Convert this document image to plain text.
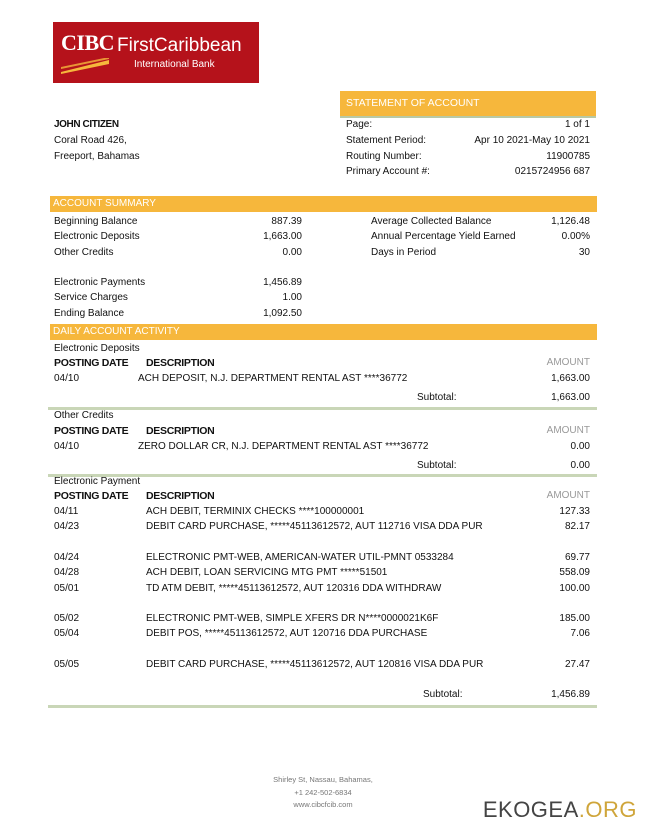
CIBC FirstCaribbean
International Bank
STATEMENT OF ACCOUNT
JOHN CITIZEN
Coral Road 426,
Freeport, Bahamas
Page:	1 of 1
Statement Period:	Apr 10 2021-May 10 2021
Routing Number:	11900785
Primary Account #:	0215724956 687
ACCOUNT SUMMARY
Beginning Balance	887.39
Electronic Deposits	1,663.00
Other Credits	0.00
Electronic Payments	1,456.89
Service Charges	1.00
Ending Balance	1,092.50
Average Collected Balance	1,126.48
Annual Percentage Yield Earned	0.00%
Days in Period	30
DAILY ACCOUNT ACTIVITY
Electronic Deposits
POSTING DATE DESCRIPTION	AMOUNT
04/10	ACH DEPOSIT, N.J. DEPARTMENT RENTAL AST ****36772	1,663.00
Subtotal:	1,663.00
Other Credits
POSTING DATE DESCRIPTION	AMOUNT
04/10	ZERO DOLLAR CR, N.J. DEPARTMENT RENTAL AST ****36772	0.00
Subtotal:	0.00
Electronic Payment
POSTING DATE DESCRIPTION	AMOUNT
04/11	ACH DEBIT, TERMINIX CHECKS ****100000001	127.33
04/23	DEBIT CARD PURCHASE, *****45113612572, AUT 112716 VISA DDA PUR	82.17
04/24	ELECTRONIC PMT-WEB, AMERICAN-WATER UTIL-PMNT 0533284	69.77
04/28	ACH DEBIT, LOAN SERVICING MTG PMT *****51501	558.09
05/01	TD ATM DEBIT, *****45113612572, AUT 120316 DDA WITHDRAW	100.00
05/02	ELECTRONIC PMT-WEB, SIMPLE XFERS DR N****0000021K6F	185.00
05/04	DEBIT POS, *****45113612572, AUT 120716 DDA PURCHASE	7.06
05/05	DEBIT CARD PURCHASE, *****45113612572, AUT 120816 VISA DDA PUR	27.47
Subtotal:	1,456.89
Shirley St, Nassau, Bahamas,
+1 242-502-6834
www.cibcfcib.com	EKOGEA.ORG
